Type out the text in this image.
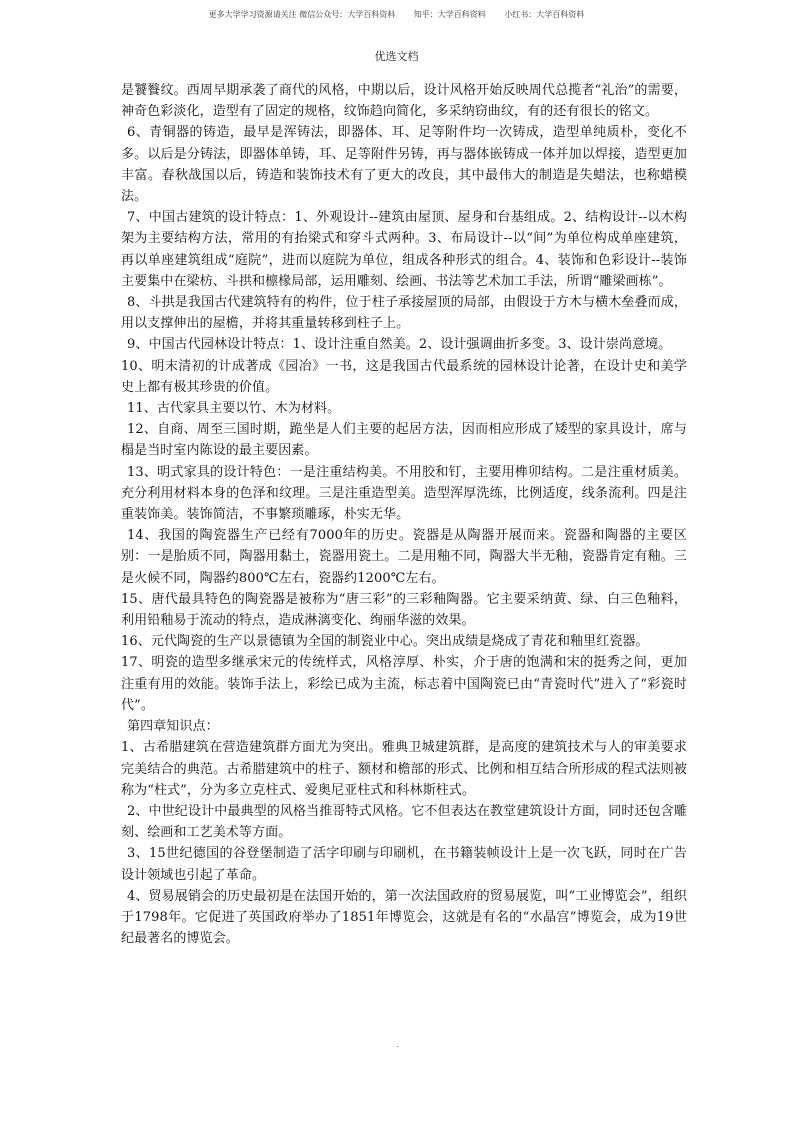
更多大学学习资源请关注 微信公众号：大学百科资料 知乎：大学百科资料 小红书：大学百科资料
优选文档

是饕餮纹。西周早期承袭了商代的风格，中期以后，设计风格开始反映周代总揽者“礼治”的需要，神奇色彩淡化，造型有了固定的规格，纹饰趋向简化，多采纳窃曲纹，有的还有很长的铭文。

6、青铜器的铸造，最早是浑铸法，即器体、耳、足等附件均一次铸成，造型单纯质朴，变化不多。以后是分铸法，即器体单铸，耳、足等附件另铸，再与器体嵌铸成一体并加以焊接，造型更加丰富。春秋战国以后，铸造和装饰技术有了更大的改良，其中最伟大的制造是失蜡法，也称蜡模法。

7、中国古建筑的设计特点：1、外观设计--建筑由屋顶、屋身和台基组成。2、结构设计--以木构架为主要结构方法，常用的有抬梁式和穿斗式两种。3、布局设计--以“间”为单位构成单座建筑，再以单座建筑组成“庭院”，进而以庭院为单位，组成各种形式的组合。4、装饰和色彩设计--装饰主要集中在梁枋、斗拱和檩椽局部，运用雕刻、绘画、书法等艺术加工手法，所谓“雕梁画栋”。

8、斗拱是我国古代建筑特有的构件，位于柱子承接屋顶的局部，由假设于方木与横木垒叠而成，用以支撑伸出的屋檐，并将其重量转移到柱子上。

9、中国古代园林设计特点：1、设计注重自然美。2、设计强调曲折多变。3、设计崇尚意境。

10、明末清初的计成著成《园冶》一书，这是我国古代最系统的园林设计论著，在设计史和美学史上都有极其珍贵的价值。

11、古代家具主要以竹、木为材料。

12、自商、周至三国时期，跪坐是人们主要的起居方法，因而相应形成了矮型的家具设计，席与榻是当时室内陈设的最主要因素。

13、明式家具的设计特色：一是注重结构美。不用胶和钉，主要用榫卯结构。二是注重材质美。充分利用材料本身的色泽和纹理。三是注重造型美。造型浑厚洗练，比例适度，线条流利。四是注重装饰美。装饰简洁，不事繁琐雕琢，朴实无华。

14、我国的陶瓷器生产已经有7000年的历史。瓷器是从陶器开展而来。瓷器和陶器的主要区别：一是胎质不同，陶器用黏土，瓷器用瓷土。二是用釉不同，陶器大半无釉，瓷器肯定有釉。三是火候不同，陶器约800℃左右，瓷器约1200℃左右。

15、唐代最具特色的陶瓷器是被称为“唐三彩”的三彩釉陶器。它主要采纳黄、绿、白三色釉料，利用铅釉易于流动的特点，造成淋漓变化、绚丽华滋的效果。

16、元代陶瓷的生产以景德镇为全国的制瓷业中心。突出成绩是烧成了青花和釉里红瓷器。

17、明瓷的造型多继承宋元的传统样式，风格淳厚、朴实，介于唐的饱满和宋的挺秀之间，更加注重有用的效能。装饰手法上，彩绘已成为主流，标志着中国陶瓷已由“青瓷时代”进入了“彩瓷时代”。

第四章知识点：

1、古希腊建筑在营造建筑群方面尤为突出。雅典卫城建筑群，是高度的建筑技术与人的审美要求完美结合的典范。古希腊建筑中的柱子、额材和檐部的形式、比例和相互结合所形成的程式法则被称为“柱式”，分为多立克柱式、爱奥尼亚柱式和科林斯柱式。

2、中世纪设计中最典型的风格当推哥特式风格。它不但表达在教堂建筑设计方面，同时还包含雕刻、绘画和工艺美术等方面。

3、15世纪德国的谷登堡制造了活字印刷与印刷机，在书籍装帧设计上是一次飞跃，同时在广告设计领域也引起了革命。

4、贸易展销会的历史最初是在法国开始的，第一次法国政府的贸易展览，叫“工业博览会”，组织于1798年。它促进了英国政府举办了1851年博览会，这就是有名的“水晶宫”博览会，成为19世纪最著名的博览会。

.
